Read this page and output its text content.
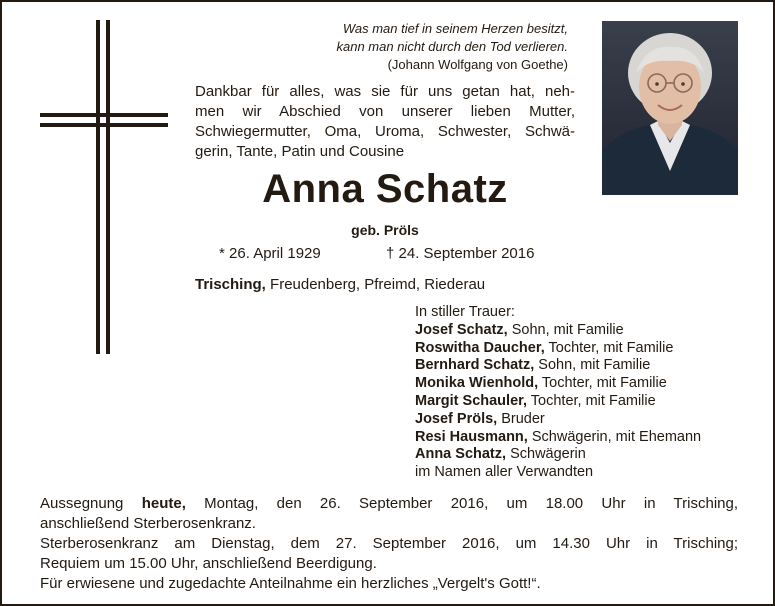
Was man tief in seinem Herzen besitzt,
kann man nicht durch den Tod verlieren.
(Johann Wolfgang von Goethe)
Dankbar für alles, was sie für uns getan hat, neh-
men wir Abschied von unserer lieben Mutter,
Schwiegermutter, Oma, Uroma, Schwester, Schwä-
gerin, Tante, Patin und Cousine
Anna Schatz
geb. Pröls
* 26. April 1929	† 24. September 2016
Trisching, Freudenberg, Pfreimd, Riederau
In stiller Trauer:
Josef Schatz, Sohn, mit Familie
Roswitha Daucher, Tochter, mit Familie
Bernhard Schatz, Sohn, mit Familie
Monika Wienhold, Tochter, mit Familie
Margit Schauler, Tochter, mit Familie
Josef Pröls, Bruder
Resi Hausmann, Schwägerin, mit Ehemann
Anna Schatz, Schwägerin
im Namen aller Verwandten
Aussegnung heute, Montag, den 26. September 2016, um 18.00 Uhr in Trisching,
anschließend Sterberosenkranz.
Sterberosenkranz am Dienstag, dem 27. September 2016, um 14.30 Uhr in Trisching;
Requiem um 15.00 Uhr, anschließend Beerdigung.
Für erwiesene und zugedachte Anteilnahme ein herzliches „Vergelt's Gott!“.
